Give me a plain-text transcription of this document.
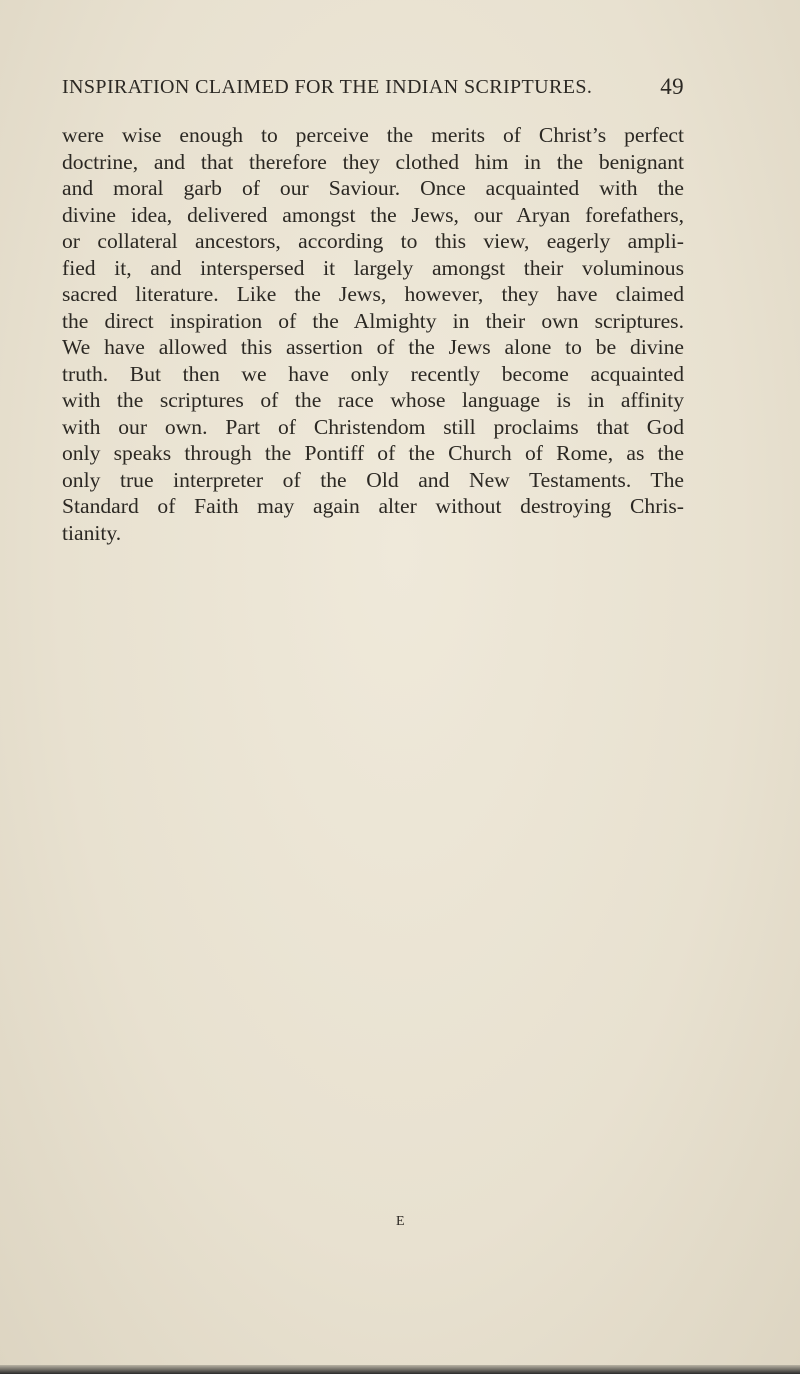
INSPIRATION CLAIMED FOR THE INDIAN SCRIPTURES.	49
were wise enough to perceive the merits of Christ’s perfect
doctrine, and that therefore they clothed him in the benignant
and moral garb of our Saviour. Once acquainted with the
divine idea, delivered amongst the Jews, our Aryan forefathers,
or collateral ancestors, according to this view, eagerly ampli-
fied it, and interspersed it largely amongst their voluminous
sacred literature. Like the Jews, however, they have claimed
the direct inspiration of the Almighty in their own scriptures.
We have allowed this assertion of the Jews alone to be divine
truth. But then we have only recently become acquainted
with the scriptures of the race whose language is in affinity
with our own. Part of Christendom still proclaims that God
only speaks through the Pontiff of the Church of Rome, as the
only true interpreter of the Old and New Testaments. The
Standard of Faith may again alter without destroying Chris-
tianity.
E
